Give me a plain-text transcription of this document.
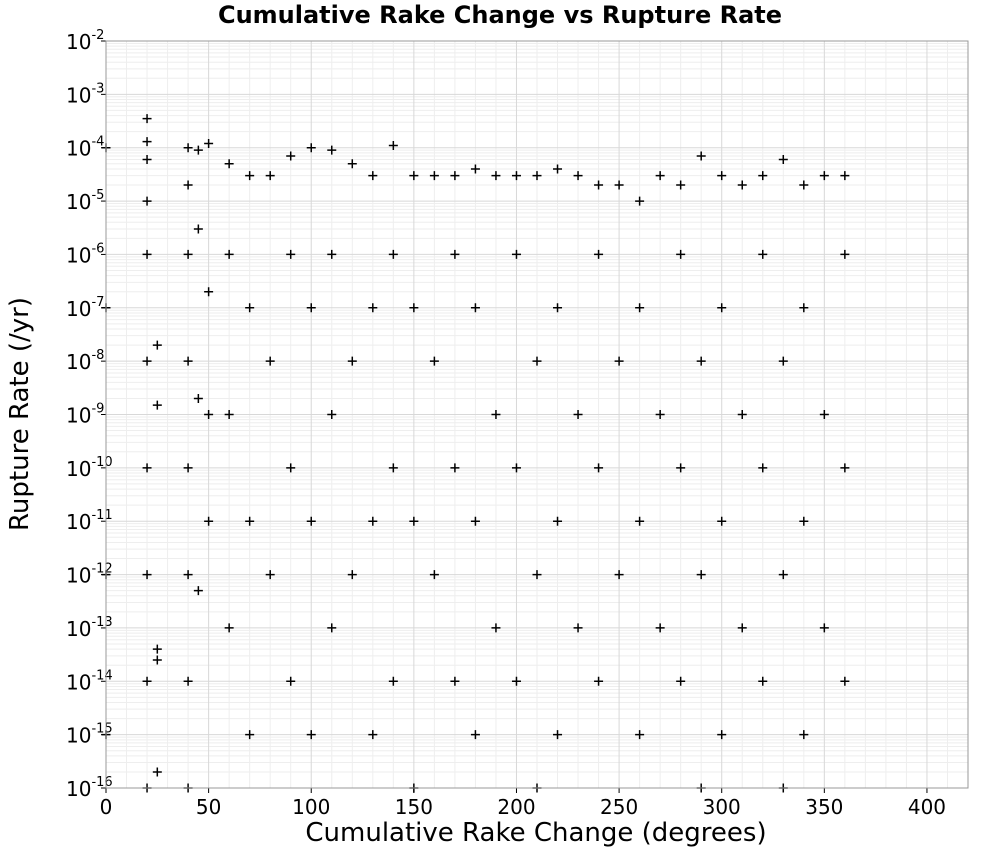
Cumulative Rake Change vs Rupture Rate
0	50	100	150	200	250	300	350	400
$10^{-16}$
$10^{-15}$
$10^{-14}$
$10^{-13}$
$10^{-12}$
$10^{-11}$
$10^{-10}$
$10^{-9}$
$10^{-8}$
$10^{-7}$
$10^{-6}$
$10^{-5}$
$10^{-4}$
$10^{-3}$
$10^{-2}$
Cumulative Rake Change (degrees)
Rupture Rate (/yr)
